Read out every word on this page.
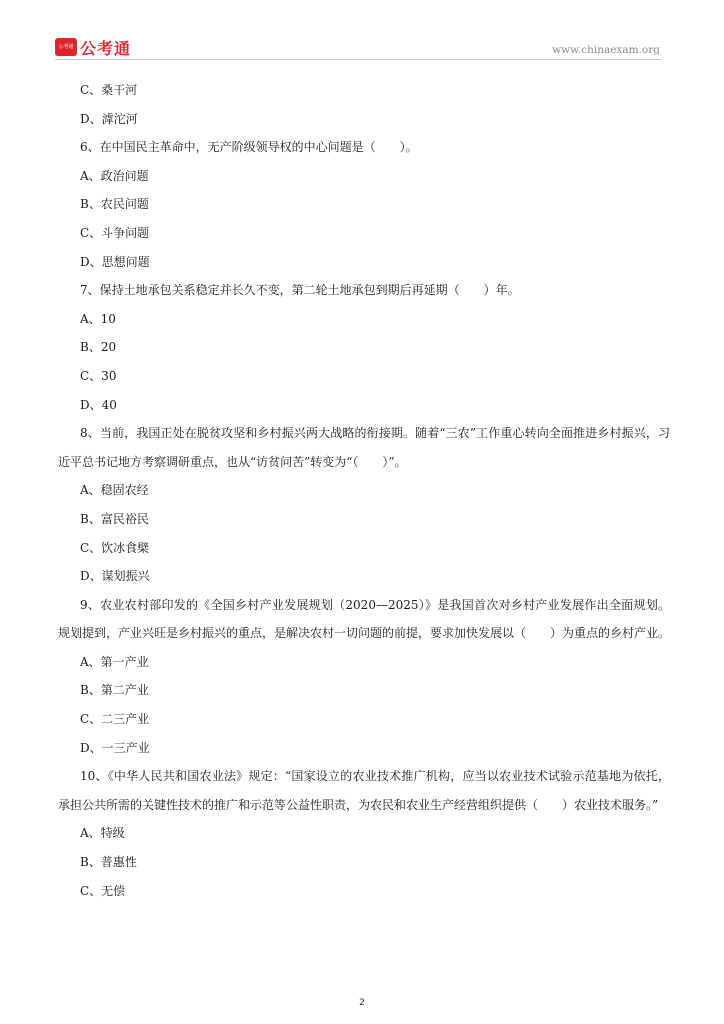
公考通 公考通	www.chinaexam.org
C、桑干河
D、滹沱河
6、在中国民主革命中，无产阶级领导权的中心问题是（　　）。
A、政治问题
B、农民问题
C、斗争问题
D、思想问题
7、保持土地承包关系稳定并长久不变，第二轮土地承包到期后再延期（　　）年。
A、10
B、20
C、30
D、40
8、当前，我国正处在脱贫攻坚和乡村振兴两大战略的衔接期。随着“三农”工作重心转向全面推进乡村振兴，习近平总书记地方考察调研重点，也从“访贫问苦”转变为“（　　）”。
A、稳固农经
B、富民裕民
C、饮冰食檗
D、谋划振兴
9、农业农村部印发的《全国乡村产业发展规划（2020—2025）》是我国首次对乡村产业发展作出全面规划。规划提到，产业兴旺是乡村振兴的重点，是解决农村一切问题的前提，要求加快发展以（　　）为重点的乡村产业。
A、第一产业
B、第二产业
C、二三产业
D、一三产业
10、《中华人民共和国农业法》规定：“国家设立的农业技术推广机构，应当以农业技术试验示范基地为依托，承担公共所需的关键性技术的推广和示范等公益性职责，为农民和农业生产经营组织提供（　　）农业技术服务。”
A、特级
B、普惠性
C、无偿
2
